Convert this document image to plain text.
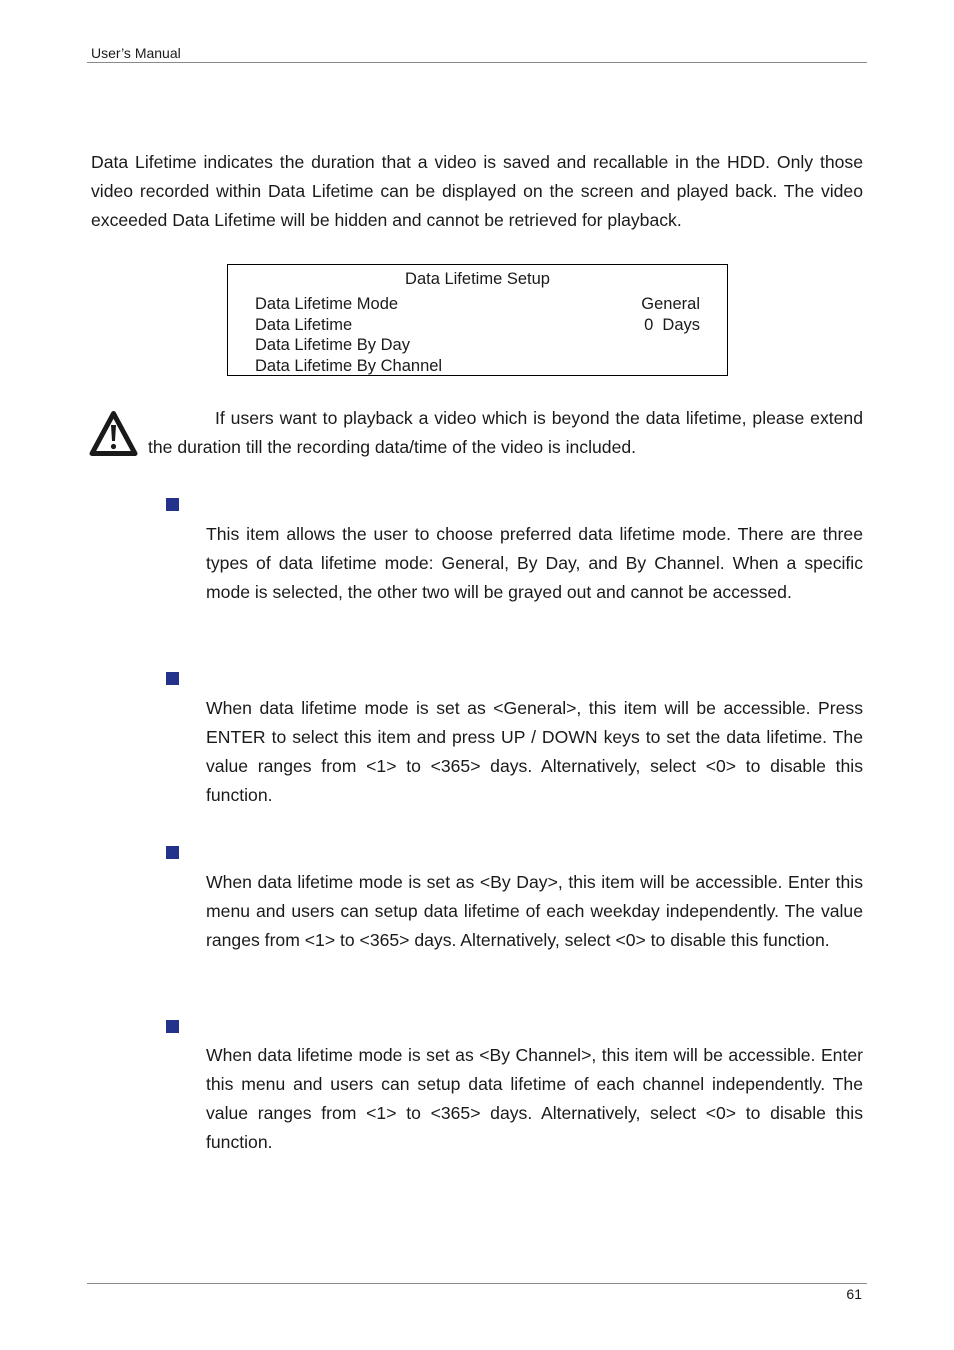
User’s Manual

Data Lifetime indicates the duration that a video is saved and recallable in the HDD. Only those video recorded within Data Lifetime can be displayed on the screen and played back. The video exceeded Data Lifetime will be hidden and cannot be retrieved for playback.

Data Lifetime Setup
Data Lifetime Mode	General
Data Lifetime	0  Days
Data Lifetime By Day
Data Lifetime By Channel

If users want to playback a video which is beyond the data lifetime, please extend the duration till the recording data/time of the video is included.

This item allows the user to choose preferred data lifetime mode. There are three types of data lifetime mode: General, By Day, and By Channel. When a specific mode is selected, the other two will be grayed out and cannot be accessed.

When data lifetime mode is set as <General>, this item will be accessible. Press ENTER to select this item and press UP / DOWN keys to set the data lifetime. The value ranges from <1> to <365> days. Alternatively, select <0> to disable this function.

When data lifetime mode is set as <By Day>, this item will be accessible. Enter this menu and users can setup data lifetime of each weekday independently. The value ranges from <1> to <365> days. Alternatively, select <0> to disable this function.

When data lifetime mode is set as <By Channel>, this item will be accessible. Enter this menu and users can setup data lifetime of each channel independently. The value ranges from <1> to <365> days. Alternatively, select <0> to disable this function.

61
